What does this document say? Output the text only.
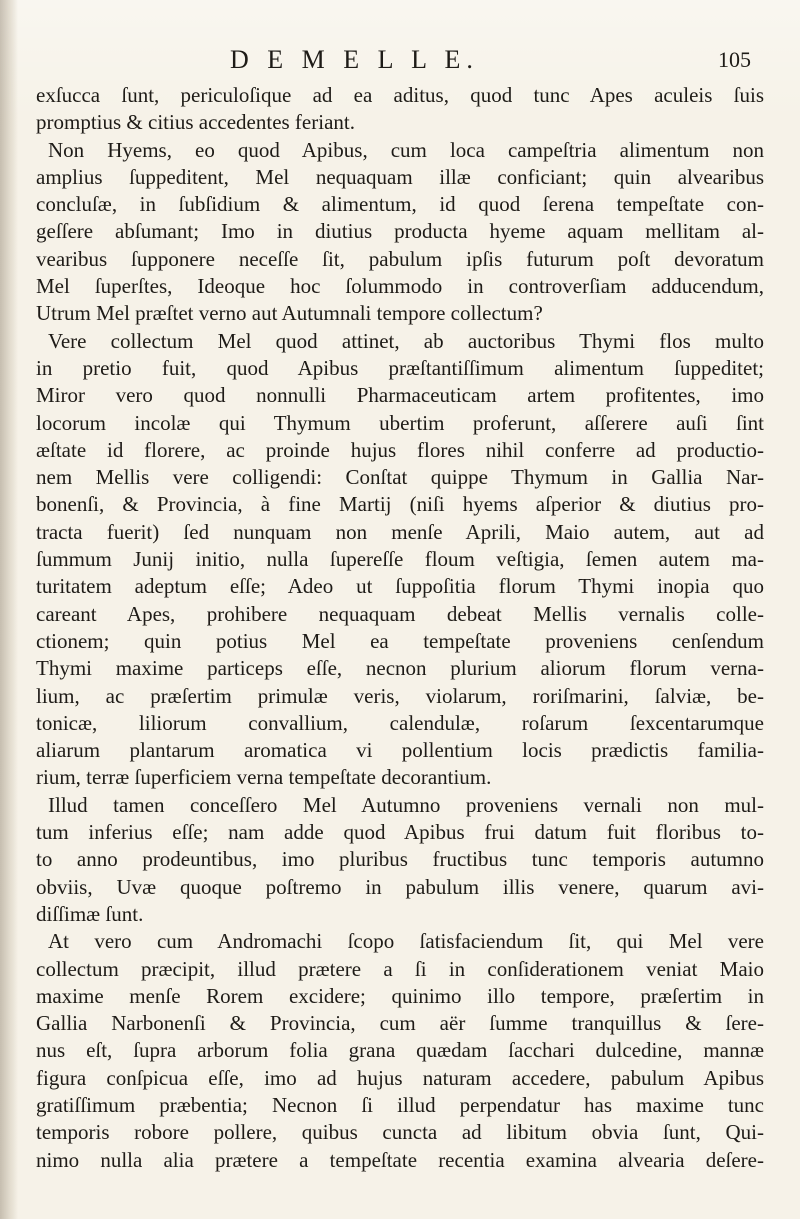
D E M E L L E.	105
exſucca ſunt, periculoſique ad ea aditus, quod tunc Apes aculeis ſuis
promptius & citius accedentes feriant.
Non Hyems, eo quod Apibus, cum loca campeſtria alimentum non
amplius ſuppeditent, Mel nequaquam illæ conficiant; quin alvearibus
concluſæ, in ſubſidium & alimentum, id quod ſerena tempeſtate con-
geſſere abſumant; Imo in diutius producta hyeme aquam mellitam al-
vearibus ſupponere neceſſe ſit, pabulum ipſis futurum poſt devoratum
Mel ſuperſtes, Ideoque hoc ſolummodo in controverſiam adducendum,
Utrum Mel præſtet verno aut Autumnali tempore collectum?
Vere collectum Mel quod attinet, ab auctoribus Thymi flos multo
in pretio fuit, quod Apibus præſtantiſſimum alimentum ſuppeditet;
Miror vero quod nonnulli Pharmaceuticam artem profitentes, imo
locorum incolæ qui Thymum ubertim proferunt, aſſerere auſi ſint
æſtate id florere, ac proinde hujus flores nihil conferre ad productio-
nem Mellis vere colligendi: Conſtat quippe Thymum in Gallia Nar-
bonenſi, & Provincia, à fine Martij (niſi hyems aſperior & diutius pro-
tracta fuerit) ſed nunquam non menſe Aprili, Maio autem, aut ad
ſummum Junij initio, nulla ſupereſſe floum veſtigia, ſemen autem ma-
turitatem adeptum eſſe; Adeo ut ſuppoſitia florum Thymi inopia quo
careant Apes, prohibere nequaquam debeat Mellis vernalis colle-
ctionem; quin potius Mel ea tempeſtate proveniens cenſendum
Thymi maxime particeps eſſe, necnon plurium aliorum florum verna-
lium, ac præſertim primulæ veris, violarum, roriſmarini, ſalviæ, be-
tonicæ, liliorum convallium, calendulæ, roſarum ſexcentarumque
aliarum plantarum aromatica vi pollentium locis prædictis familia-
rium, terræ ſuperficiem verna tempeſtate decorantium.
Illud tamen conceſſero Mel Autumno proveniens vernali non mul-
tum inferius eſſe; nam adde quod Apibus frui datum fuit floribus to-
to anno prodeuntibus, imo pluribus fructibus tunc temporis autumno
obviis, Uvæ quoque poſtremo in pabulum illis venere, quarum avi-
diſſimæ ſunt.
At vero cum Andromachi ſcopo ſatisfaciendum ſit, qui Mel vere
collectum præcipit, illud prætere a ſi in conſiderationem veniat Maio
maxime menſe Rorem excidere; quinimo illo tempore, præſertim in
Gallia Narbonenſi & Provincia, cum aër ſumme tranquillus & ſere-
nus eſt, ſupra arborum folia grana quædam ſacchari dulcedine, mannæ
figura conſpicua eſſe, imo ad hujus naturam accedere, pabulum Apibus
gratiſſimum præbentia; Necnon ſi illud perpendatur has maxime tunc
temporis robore pollere, quibus cuncta ad libitum obvia ſunt, Qui-
nimo nulla alia prætere a tempeſtate recentia examina alvearia deſere-
